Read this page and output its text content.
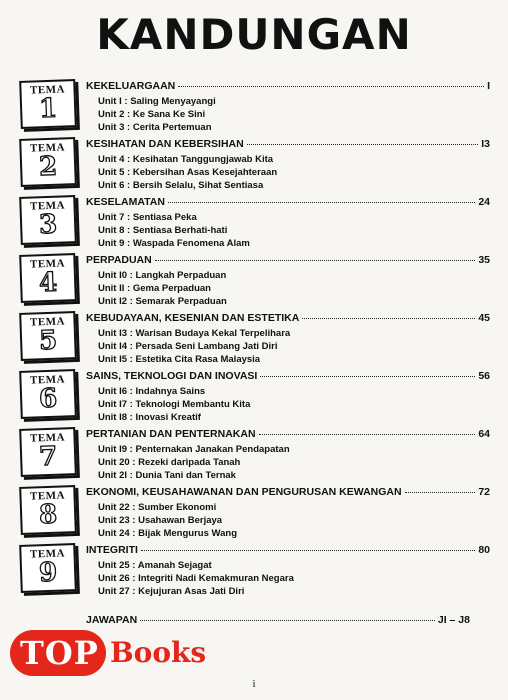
KANDUNGAN
TEMA
1
KEKELUARGAAN	I
Unit I : Saling Menyayangi
Unit 2 : Ke Sana Ke Sini
Unit 3 : Cerita Pertemuan
TEMA
2
KESIHATAN DAN KEBERSIHAN	I3
Unit 4 : Kesihatan Tanggungjawab Kita
Unit 5 : Kebersihan Asas Kesejahteraan
Unit 6 : Bersih Selalu, Sihat Sentiasa
TEMA
3
KESELAMATAN	24
Unit 7 : Sentiasa Peka
Unit 8 : Sentiasa Berhati-hati
Unit 9 : Waspada Fenomena Alam
TEMA
4
PERPADUAN	35
Unit I0 : Langkah Perpaduan
Unit II : Gema Perpaduan
Unit I2 : Semarak Perpaduan
TEMA
5
KEBUDAYAAN, KESENIAN DAN ESTETIKA	45
Unit I3 : Warisan Budaya Kekal Terpelihara
Unit I4 : Persada Seni Lambang Jati Diri
Unit I5 : Estetika Cita Rasa Malaysia
TEMA
6
SAINS, TEKNOLOGI DAN INOVASI	56
Unit I6 : Indahnya Sains
Unit I7 : Teknologi Membantu Kita
Unit I8 : Inovasi Kreatif
TEMA
7
PERTANIAN DAN PENTERNAKAN	64
Unit I9 : Penternakan Janakan Pendapatan
Unit 20 : Rezeki daripada Tanah
Unit 2I : Dunia Tani dan Ternak
TEMA
8
EKONOMI, KEUSAHAWANAN DAN PENGURUSAN KEWANGAN	72
Unit 22 : Sumber Ekonomi
Unit 23 : Usahawan Berjaya
Unit 24 : Bijak Mengurus Wang
TEMA
9
INTEGRITI	80
Unit 25 : Amanah Sejagat
Unit 26 : Integriti Nadi Kemakmuran Negara
Unit 27 : Kejujuran Asas Jati Diri
JAWAPAN	JI – J8
TOP Books
i
